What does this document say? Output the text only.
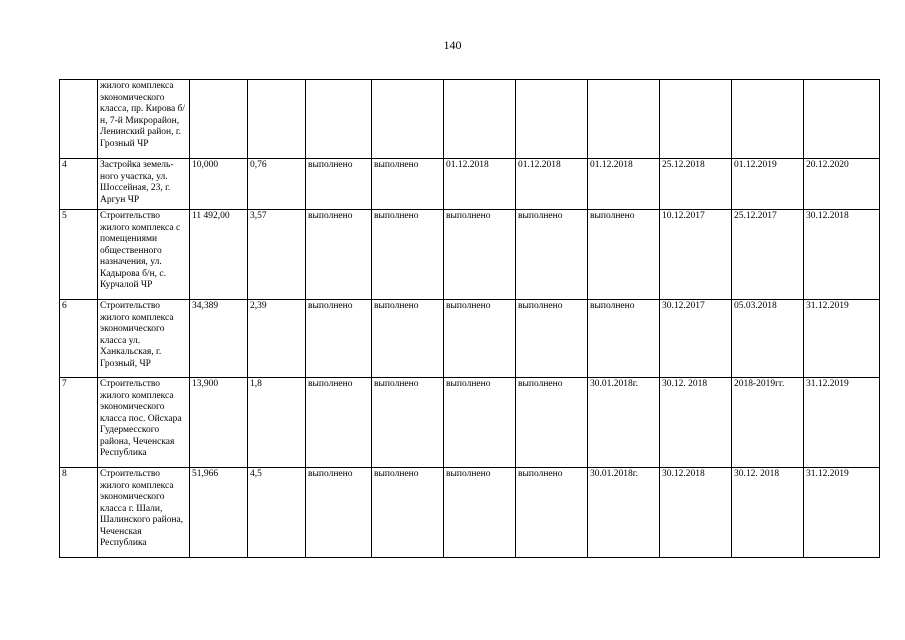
140
	жилого комплекса экономического класса, пр. Кирова б/н, 7-й Микрорайон, Ленинский район, г. Грозный ЧР										
4	Застройка земель-ного участка, ул. Шоссейная, 23, г. Аргун ЧР	10,000	0,76	выполнено	выполнено	01.12.2018	01.12.2018	01.12.2018	25.12.2018	01.12.2019	20.12.2020
5	Строительство жилого комплекса с помещениями общественного назначения, ул. Кадырова б/н, с. Курчалой ЧР	11 492,00	3,57	выполнено	выполнено	выполнено	выполнено	выполнено	10.12.2017	25.12.2017	30.12.2018
6	Строительство жилого комплекса экономического класса ул. Ханкальская, г. Грозный, ЧР	34,389	2,39	выполнено	выполнено	выполнено	выполнено	выполнено	30.12.2017	05.03.2018	31.12.2019
7	Строительство жилого комплекса экономического класса пос. Ойсхара Гудермесского района, Чеченская Республика	13,900	1,8	выполнено	выполнено	выполнено	выполнено	30.01.2018г.	30.12. 2018	2018-2019гг.	31.12.2019
8	Строительство жилого комплекса экономического класса г. Шали, Шалинского района, Чеченская Республика	51,966	4,5	выполнено	выполнено	выполнено	выполнено	30.01.2018г.	30.12.2018	30.12. 2018	31.12.2019
